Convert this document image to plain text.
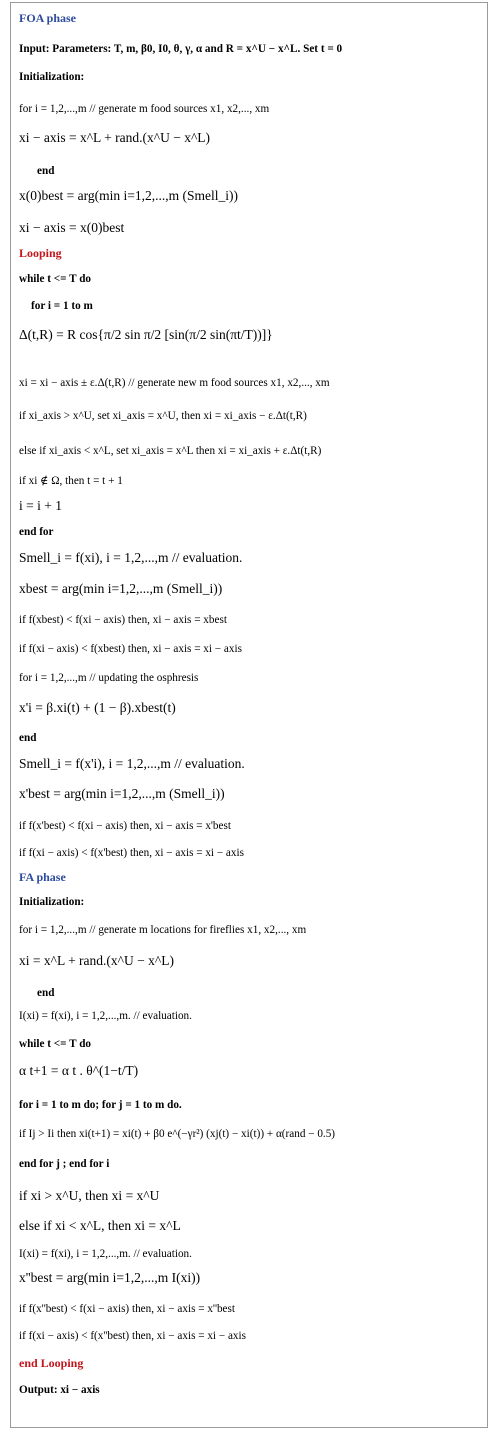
FOA phase
Input: Parameters: T, m, β0, I0, θ, γ, α and R = x^U − x^L. Set t = 0
Initialization:
for i = 1,2,...,m // generate m food sources x1, x2,..., xm
xi − axis = x^L + rand.(x^U − x^L)
end
x(0)best = arg(min i=1,2,...,m (Smell_i))
xi − axis = x(0)best
Looping
while t <= T do
for i = 1 to m
Δ(t,R) = R cos{π/2 sin π/2 [sin(π/2 sin(πt/T))]}
xi = xi − axis ± ε.Δ(t,R) // generate new m food sources x1, x2,..., xm
if xi_axis > x^U, set xi_axis = x^U, then xi = xi_axis − ε.Δt(t,R)
else if xi_axis < x^L, set xi_axis = x^L then xi = xi_axis + ε.Δt(t,R)
if xi ∉ Ω, then t = t + 1
i = i + 1
end for
Smell_i = f(xi), i = 1,2,...,m // evaluation.
xbest = arg(min i=1,2,...,m (Smell_i))
if f(xbest) < f(xi − axis) then, xi − axis = xbest
if f(xi − axis) < f(xbest) then, xi − axis = xi − axis
for i = 1,2,...,m // updating the osphresis
x'i = β.xi(t) + (1 − β).xbest(t)
end
Smell_i = f(x'i), i = 1,2,...,m // evaluation.
x'best = arg(min i=1,2,...,m (Smell_i))
if f(x'best) < f(xi − axis) then, xi − axis = x'best
if f(xi − axis) < f(x'best) then, xi − axis = xi − axis
FA phase
Initialization:
for i = 1,2,...,m // generate m locations for fireflies x1, x2,..., xm
xi = x^L + rand.(x^U − x^L)
end
I(xi) = f(xi), i = 1,2,...,m. // evaluation.
while t <= T do
α t+1 = α t . θ^(1−t/T)
for i = 1 to m do; for j = 1 to m do.
if Ij > Ii then xi(t+1) = xi(t) + β0 e^(−γr²) (xj(t) − xi(t)) + α(rand − 0.5)
end for j ; end for i
if xi > x^U, then xi = x^U
else if xi < x^L, then xi = x^L
I(xi) = f(xi), i = 1,2,...,m. // evaluation.
x''best = arg(min i=1,2,...,m I(xi))
if f(x''best) < f(xi − axis) then, xi − axis = x''best
if f(xi − axis) < f(x''best) then, xi − axis = xi − axis
end Looping
Output: xi − axis
